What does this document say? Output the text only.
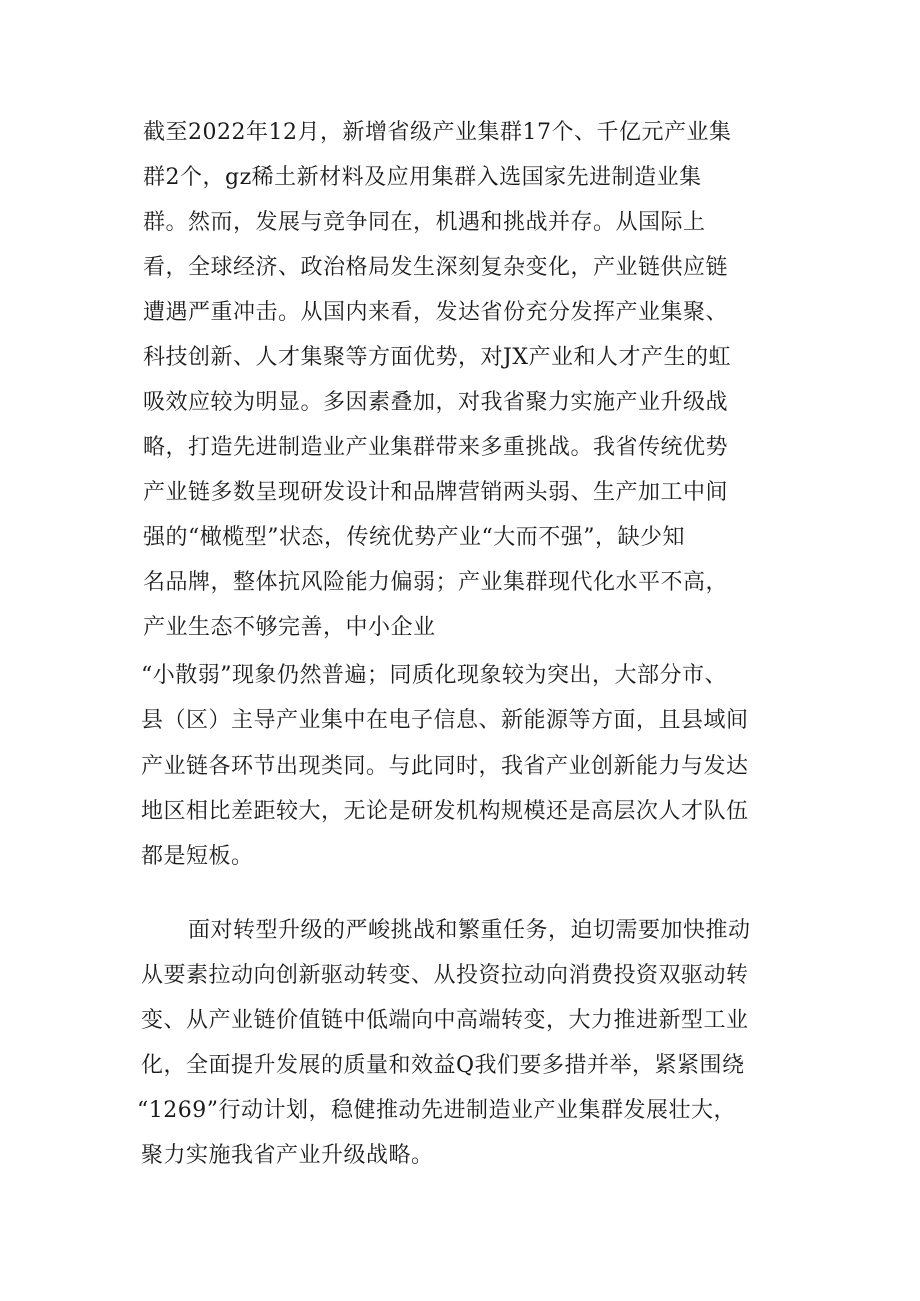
截至2022年12月，新增省级产业集群17个、千亿元产业集
群2个，gz稀土新材料及应用集群入选国家先进制造业集
群。然而，发展与竞争同在，机遇和挑战并存。从国际上
看，全球经济、政治格局发生深刻复杂变化，产业链供应链
遭遇严重冲击。从国内来看，发达省份充分发挥产业集聚、
科技创新、人才集聚等方面优势，对JX产业和人才产生的虹
吸效应较为明显。多因素叠加，对我省聚力实施产业升级战
略，打造先进制造业产业集群带来多重挑战。我省传统优势
产业链多数呈现研发设计和品牌营销两头弱、生产加工中间
强的“橄榄型”状态，传统优势产业“大而不强”，缺少知
名品牌，整体抗风险能力偏弱；产业集群现代化水平不高，
产业生态不够完善，中小企业
“小散弱”现象仍然普遍；同质化现象较为突出，大部分市、
县（区）主导产业集中在电子信息、新能源等方面，且县域间
产业链各环节出现类同。与此同时，我省产业创新能力与发达
地区相比差距较大，无论是研发机构规模还是高层次人才队伍
都是短板。
面对转型升级的严峻挑战和繁重任务，迫切需要加快推动
从要素拉动向创新驱动转变、从投资拉动向消费投资双驱动转
变、从产业链价值链中低端向中高端转变，大力推进新型工业
化，全面提升发展的质量和效益Q我们要多措并举，紧紧围绕
“1269”行动计划，稳健推动先进制造业产业集群发展壮大，
聚力实施我省产业升级战略。
